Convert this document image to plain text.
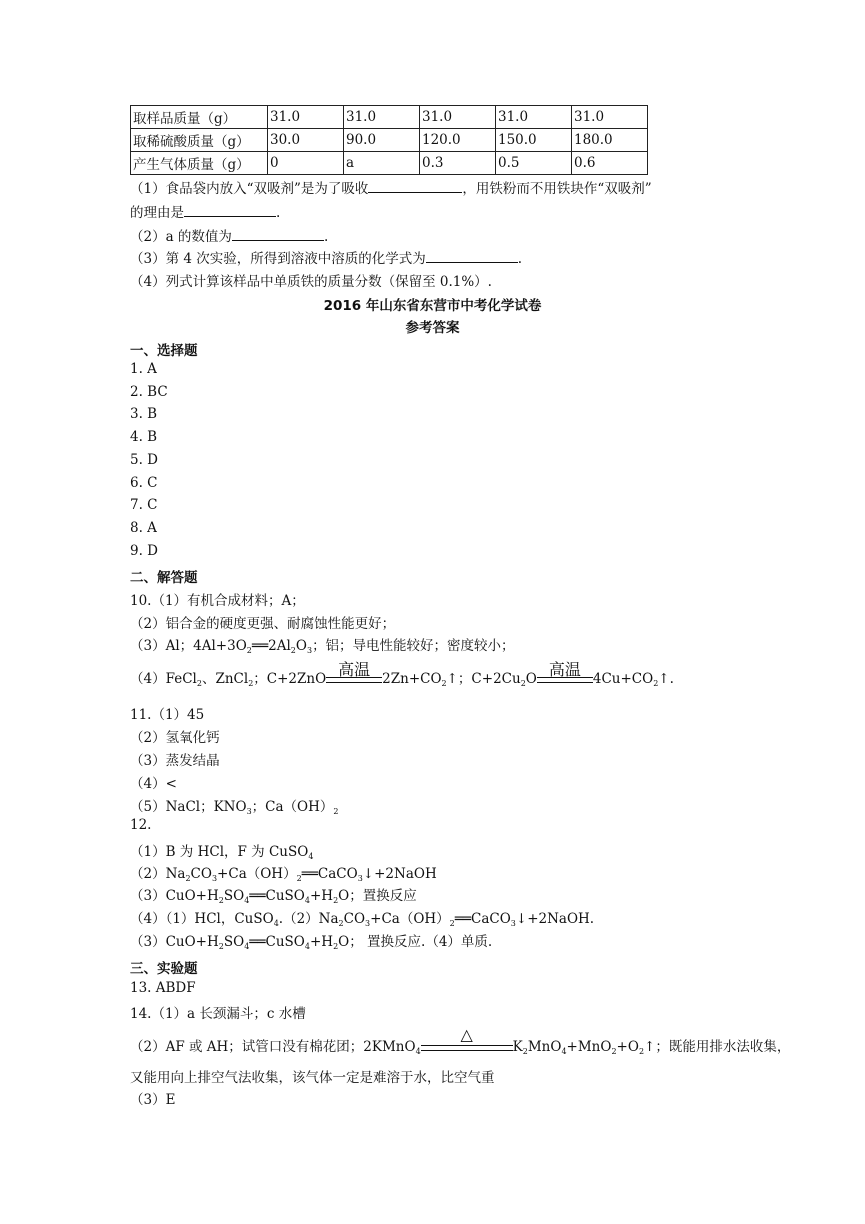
取样品质量（g）	31.0	31.0	31.0	31.0	31.0
取稀硫酸质量（g）	30.0	90.0	120.0	150.0	180.0
产生气体质量（g）	0	a	0.3	0.5	0.6
（1）食品袋内放入“双吸剂”是为了吸收	，用铁粉而不用铁块作“双吸剂”
的理由是	.
（2）a 的数值为	.
（3）第 4 次实验，所得到溶液中溶质的化学式为	.
（4）列式计算该样品中单质铁的质量分数（保留至 0.1%）.
2016 年山东省东营市中考化学试卷
参考答案
一、选择题
1. A
2. BC
3. B
4. B
5. D
6. C
7. C
8. A
9. D
二、解答题
10.（1）有机合成材料；A；
（2）铝合金的硬度更强、耐腐蚀性能更好；
（3）Al；$4Al+3O_2══2Al_2O_3$；铝；导电性能较好；密度较小；
（4）FeCl$_2$、ZnCl$_2$；C+2ZnO 高温 $2Zn+CO_2↑$；$C+2Cu_2O$ 高温 $4Cu+CO_2↑$.
11.（1）45
（2）氢氧化钙
（3）蒸发结晶
（4）<
（5）NaCl；$KNO_3$；$Ca(OH)_2$
12.
（1）B 为 HCl，F 为 CuSO$_4$
$(2)Na_2CO_3+Ca(OH)_2══CaCO_3↓+2NaOH$
$(3)CuO+H_2SO_4══CuSO_4+H_2O$；置换反应
（4）（1）HCl，$CuSO_4.(2)Na_2CO_3+Ca(OH)_2══CaCO_3↓+2NaOH$.
$(3)CuO+H_2SO_4══CuSO_4+H_2O$； 置换反应.（4）单质.
三、实验题
13. ABDF
14.（1）a 长颈漏斗；c 水槽
（2）AF 或 AH；试管口没有棉花团；2KMnO$_4$
△
$K_2MnO_4+MnO_2+O_2↑$；既能用排水法收集，
又能用向上排空气法收集，该气体一定是难溶于水，比空气重
（3）E
